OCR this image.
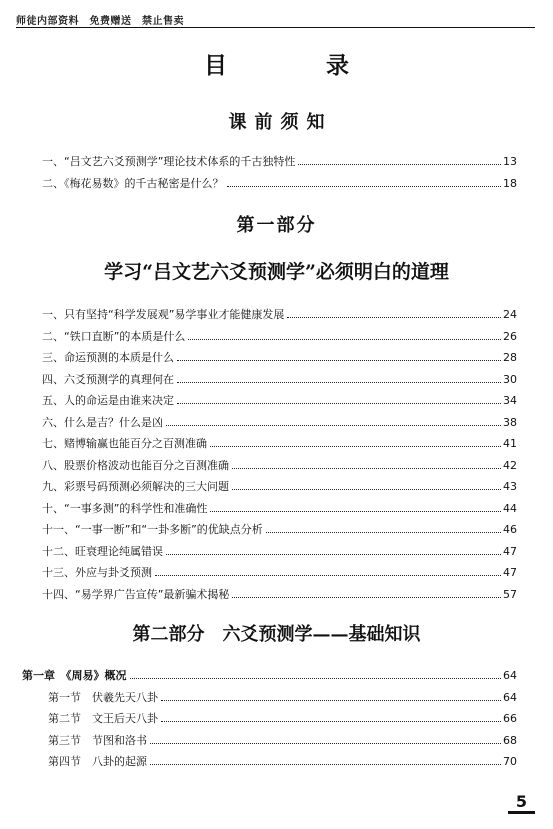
师徒内部资料　免费赠送　禁止售卖
目　录
课前须知
一、“吕文艺六爻预测学”理论技术体系的千古独特性	13
二、《梅花易数》的千古秘密是什么？	18
第一部分
学习“吕文艺六爻预测学”必须明白的道理
一、只有坚持“科学发展观”易学事业才能健康发展	24
二、“铁口直断”的本质是什么	26
三、命运预测的本质是什么	28
四、六爻预测学的真理何在	30
五、人的命运是由谁来决定	34
六、什么是吉？什么是凶	38
七、赌博输赢也能百分之百测准确	41
八、股票价格波动也能百分之百测准确	42
九、彩票号码预测必须解决的三大问题	43
十、“一事多测”的科学性和准确性	44
十一、“一事一断”和“一卦多断”的优缺点分析	46
十二、旺衰理论纯属错误	47
十三、外应与卦爻预测	47
十四、“易学界广告宣传”最新骗术揭秘	57
第二部分　六爻预测学——基础知识
第一章　《周易》概况	64
第一节　伏羲先天八卦	64
第二节　文王后天八卦	66
第三节　节图和洛书	68
第四节　八卦的起源	70
5
